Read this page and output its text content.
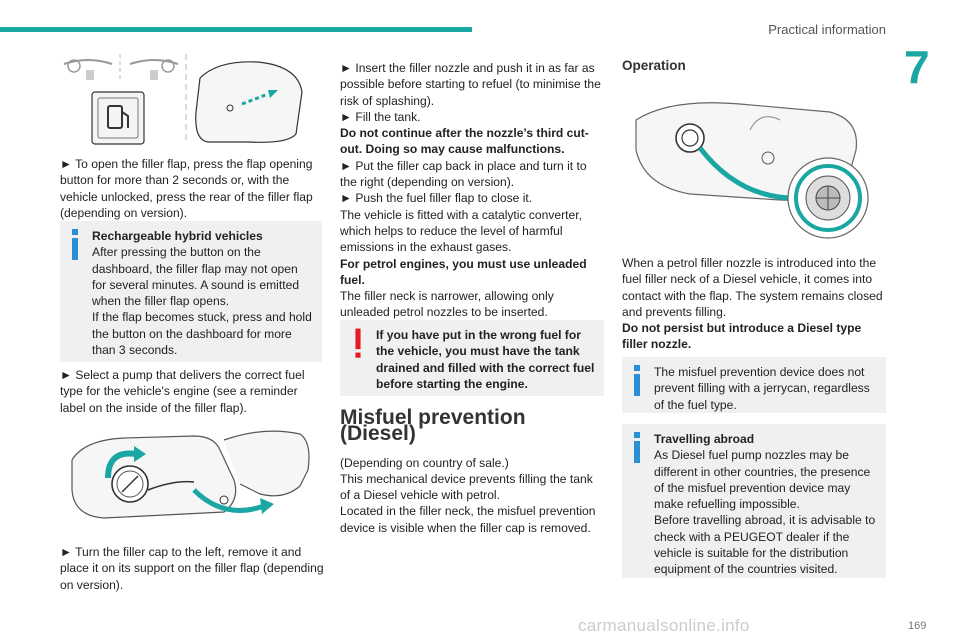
Practical information
7

► To open the filler flap, press the flap opening button for more than 2 seconds or, with the vehicle unlocked, press the rear of the filler flap (depending on version).

Rechargeable hybrid vehicles

After pressing the button on the dashboard, the filler flap may not open for several minutes. A sound is emitted when the filler flap opens.

If the flap becomes stuck, press and hold the button on the dashboard for more than 3 seconds.

► Select a pump that delivers the correct fuel type for the vehicle's engine (see a reminder label on the inside of the filler flap).

► Turn the filler cap to the left, remove it and place it on its support on the filler flap (depending on version).

► Insert the filler nozzle and push it in as far as possible before starting to refuel (to minimise the risk of splashing).

► Fill the tank.

Do not continue after the nozzle’s third cut-out. Doing so may cause malfunctions.

► Put the filler cap back in place and turn it to the right (depending on version).

► Push the fuel filler flap to close it.

The vehicle is fitted with a catalytic converter, which helps to reduce the level of harmful emissions in the exhaust gases.

For petrol engines, you must use unleaded fuel.

The filler neck is narrower, allowing only unleaded petrol nozzles to be inserted.

If you have put in the wrong fuel for the vehicle, you must have the tank drained and filled with the correct fuel before starting the engine.

Misfuel prevention (Diesel)

(Depending on country of sale.)

This mechanical device prevents filling the tank of a Diesel vehicle with petrol.

Located in the filler neck, the misfuel prevention device is visible when the filler cap is removed.

Operation

When a petrol filler nozzle is introduced into the fuel filler neck of a Diesel vehicle, it comes into contact with the flap. The system remains closed and prevents filling.

Do not persist but introduce a Diesel type filler nozzle.

The misfuel prevention device does not prevent filling with a jerrycan, regardless of the fuel type.

Travelling abroad

As Diesel fuel pump nozzles may be different in other countries, the presence of the misfuel prevention device may make refuelling impossible.

Before travelling abroad, it is advisable to check with a PEUGEOT dealer if the vehicle is suitable for the distribution equipment of the countries visited.

carmanualsonline.info	169
